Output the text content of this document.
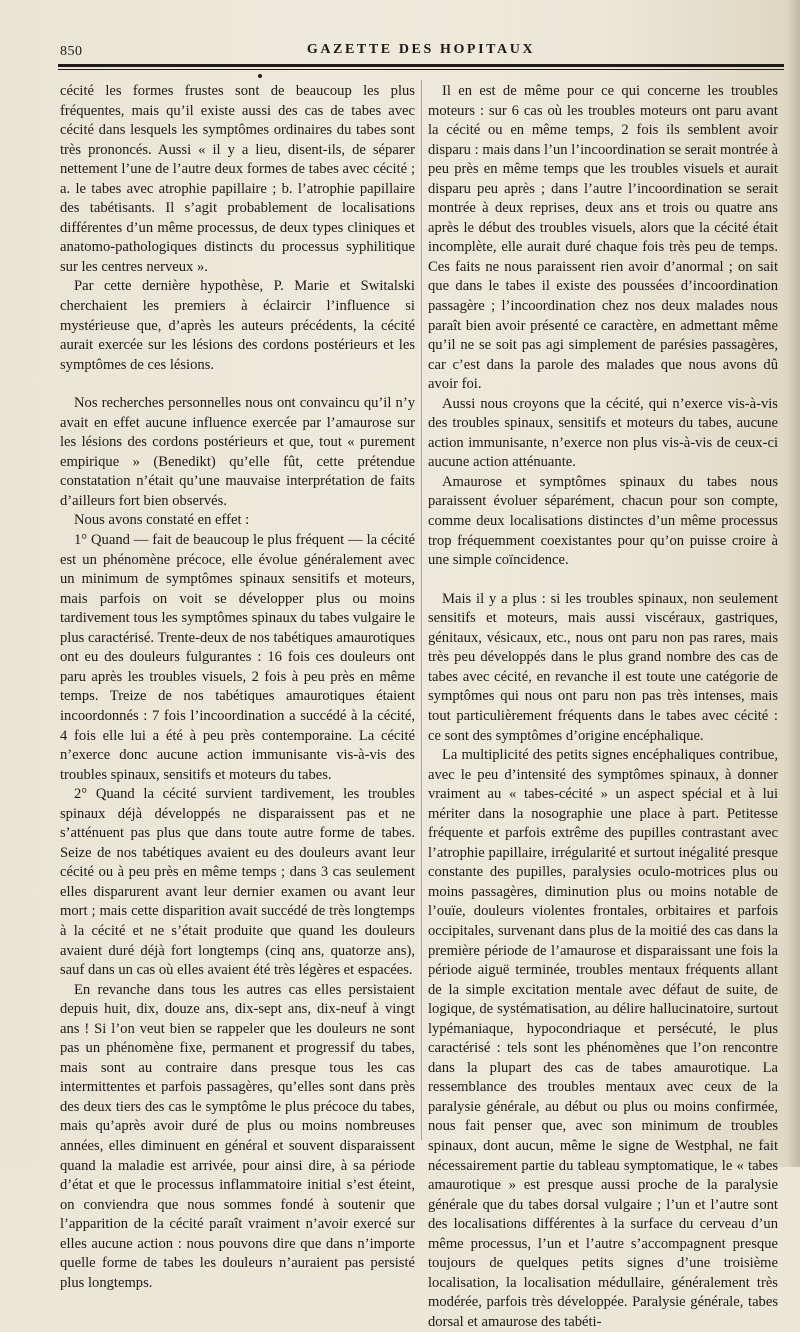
850	GAZETTE DES HOPITAUX

cécité les formes frustes sont de beaucoup les plus fréquentes, mais qu’il existe aussi des cas de tabes avec cécité dans lesquels les symptômes ordinaires du tabes sont très prononcés. Aussi « il y a lieu, disent-ils, de séparer nettement l’une de l’autre deux formes de tabes avec cécité ; a. le tabes avec atrophie papillaire ; b. l’atrophie papillaire des tabétisants. Il s’agit probablement de localisations différentes d’un même processus, de deux types cliniques et anatomo-pathologiques distincts du processus syphilitique sur les centres nerveux ».

Par cette dernière hypothèse, P. Marie et Switalski cherchaient les premiers à éclaircir l’influence si mystérieuse que, d’après les auteurs précédents, la cécité aurait exercée sur les lésions des cordons postérieurs et les symptômes de ces lésions.

Nos recherches personnelles nous ont convaincu qu’il n’y avait en effet aucune influence exercée par l’amaurose sur les lésions des cordons postérieurs et que, tout « purement empirique » (Benedikt) qu’elle fût, cette prétendue constatation n’était qu’une mauvaise interprétation de faits d’ailleurs fort bien observés.

Nous avons constaté en effet :

1° Quand — fait de beaucoup le plus fréquent — la cécité est un phénomène précoce, elle évolue généralement avec un minimum de symptômes spinaux sensitifs et moteurs, mais parfois on voit se développer plus ou moins tardivement tous les symptômes spinaux du tabes vulgaire le plus caractérisé. Trente-deux de nos tabétiques amaurotiques ont eu des douleurs fulgurantes : 16 fois ces douleurs ont paru après les troubles visuels, 2 fois à peu près en même temps. Treize de nos tabétiques amaurotiques étaient incoordonnés : 7 fois l’incoordination a succédé à la cécité, 4 fois elle lui a été à peu près contemporaine. La cécité n’exerce donc aucune action immunisante vis-à-vis des troubles spinaux, sensitifs et moteurs du tabes.

2° Quand la cécité survient tardivement, les troubles spinaux déjà développés ne disparaissent pas et ne s’atténuent pas plus que dans toute autre forme de tabes. Seize de nos tabétiques avaient eu des douleurs avant leur cécité ou à peu près en même temps ; dans 3 cas seulement elles disparurent avant leur dernier examen ou avant leur mort ; mais cette disparition avait succédé de très longtemps à la cécité et ne s’était produite que quand les douleurs avaient duré déjà fort longtemps (cinq ans, quatorze ans), sauf dans un cas où elles avaient été très légères et espacées.

En revanche dans tous les autres cas elles persistaient depuis huit, dix, douze ans, dix-sept ans, dix-neuf à vingt ans ! Si l’on veut bien se rappeler que les douleurs ne sont pas un phénomène fixe, permanent et progressif du tabes, mais sont au contraire dans presque tous les cas intermittentes et parfois passagères, qu’elles sont dans près des deux tiers des cas le symptôme le plus précoce du tabes, mais qu’après avoir duré de plus ou moins nombreuses années, elles diminuent en général et souvent disparaissent quand la maladie est arrivée, pour ainsi dire, à sa période d’état et que le processus inflammatoire initial s’est éteint, on conviendra que nous sommes fondé à soutenir que l’apparition de la cécité paraît vraiment n’avoir exercé sur elles aucune action : nous pouvons dire que dans n’importe quelle forme de tabes les douleurs n’auraient pas persisté plus longtemps.

Il en est de même pour ce qui concerne les troubles moteurs : sur 6 cas où les troubles moteurs ont paru avant la cécité ou en même temps, 2 fois ils semblent avoir disparu : mais dans l’un l’incoordination se serait montrée à peu près en même temps que les troubles visuels et aurait disparu peu après ; dans l’autre l’incoordination se serait montrée à deux reprises, deux ans et trois ou quatre ans après le début des troubles visuels, alors que la cécité était incomplète, elle aurait duré chaque fois très peu de temps. Ces faits ne nous paraissent rien avoir d’anormal ; on sait que dans le tabes il existe des poussées d’incoordination passagère ; l’incoordination chez nos deux malades nous paraît bien avoir présenté ce caractère, en admettant même qu’il ne se soit pas agi simplement de parésies passagères, car c’est dans la parole des malades que nous avons dû avoir foi.

Aussi nous croyons que la cécité, qui n’exerce vis-à-vis des troubles spinaux, sensitifs et moteurs du tabes, aucune action immunisante, n’exerce non plus vis-à-vis de ceux-ci aucune action atténuante.

Amaurose et symptômes spinaux du tabes nous paraissent évoluer séparément, chacun pour son compte, comme deux localisations distinctes d’un même processus trop fréquemment coexistantes pour qu’on puisse croire à une simple coïncidence.

Mais il y a plus : si les troubles spinaux, non seulement sensitifs et moteurs, mais aussi viscéraux, gastriques, génitaux, vésicaux, etc., nous ont paru non pas rares, mais très peu développés dans le plus grand nombre des cas de tabes avec cécité, en revanche il est toute une catégorie de symptômes qui nous ont paru non pas très intenses, mais tout particulièrement fréquents dans le tabes avec cécité : ce sont des symptômes d’origine encéphalique.

La multiplicité des petits signes encéphaliques contribue, avec le peu d’intensité des symptômes spinaux, à donner vraiment au « tabes-cécité » un aspect spécial et à lui mériter dans la nosographie une place à part. Petitesse fréquente et parfois extrême des pupilles contrastant avec l’atrophie papillaire, irrégularité et surtout inégalité presque constante des pupilles, paralysies oculo-motrices plus ou moins passagères, diminution plus ou moins notable de l’ouïe, douleurs violentes frontales, orbitaires et parfois occipitales, survenant dans plus de la moitié des cas dans la première période de l’amaurose et disparaissant une fois la période aiguë terminée, troubles mentaux fréquents allant de la simple excitation mentale avec défaut de suite, de logique, de systématisation, au délire hallucinatoire, surtout lypémaniaque, hypocondriaque et persécuté, le plus caractérisé : tels sont les phénomènes que l’on rencontre dans la plupart des cas de tabes amaurotique. La ressemblance des troubles mentaux avec ceux de la paralysie générale, au début ou plus ou moins confirmée, nous fait penser que, avec son minimum de troubles spinaux, dont aucun, même le signe de Westphal, ne fait nécessairement partie du tableau symptomatique, le « tabes amaurotique » est presque aussi proche de la paralysie générale que du tabes dorsal vulgaire ; l’un et l’autre sont des localisations différentes à la surface du cerveau d’un même processus, l’un et l’autre s’accompagnent presque toujours de quelques petits signes d’une troisième localisation, la localisation médullaire, généralement très modérée, parfois très développée. Paralysie générale, tabes dorsal et amaurose des tabéti-
